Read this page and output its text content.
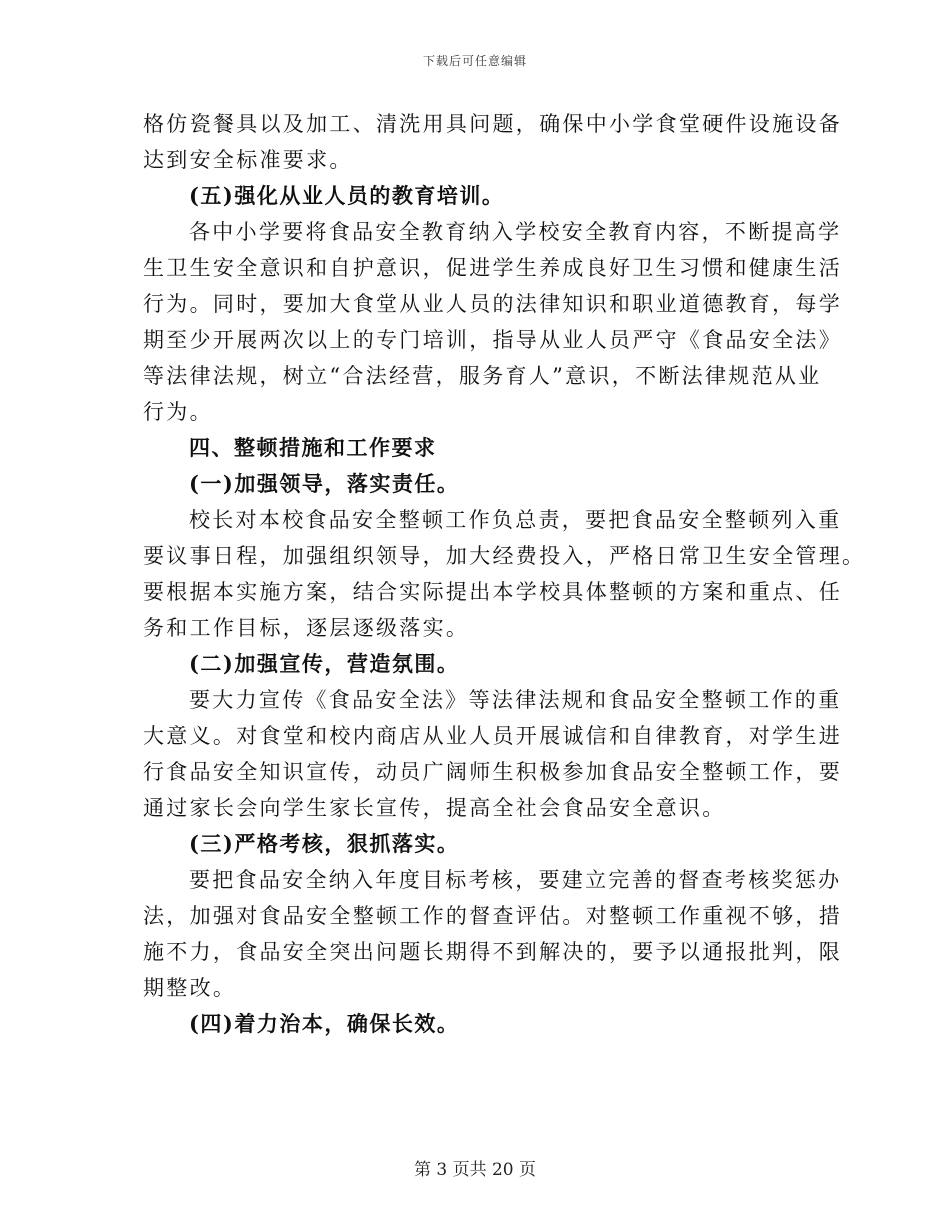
下载后可任意编辑
格仿瓷餐具以及加工、清洗用具问题，确保中小学食堂硬件设施设备
达到安全标准要求。
(五)强化从业人员的教育培训。
各中小学要将食品安全教育纳入学校安全教育内容，不断提高学
生卫生安全意识和自护意识，促进学生养成良好卫生习惯和健康生活
行为。同时，要加大食堂从业人员的法律知识和职业道德教育，每学
期至少开展两次以上的专门培训，指导从业人员严守《食品安全法》
等法律法规，树立“合法经营，服务育人”意识，不断法律规范从业
行为。
四、整顿措施和工作要求
(一)加强领导，落实责任。
校长对本校食品安全整顿工作负总责，要把食品安全整顿列入重
要议事日程，加强组织领导，加大经费投入，严格日常卫生安全管理。
要根据本实施方案，结合实际提出本学校具体整顿的方案和重点、任
务和工作目标，逐层逐级落实。
(二)加强宣传，营造氛围。
要大力宣传《食品安全法》等法律法规和食品安全整顿工作的重
大意义。对食堂和校内商店从业人员开展诚信和自律教育，对学生进
行食品安全知识宣传，动员广阔师生积极参加食品安全整顿工作，要
通过家长会向学生家长宣传，提高全社会食品安全意识。
(三)严格考核，狠抓落实。
要把食品安全纳入年度目标考核，要建立完善的督查考核奖惩办
法，加强对食品安全整顿工作的督查评估。对整顿工作重视不够，措
施不力，食品安全突出问题长期得不到解决的，要予以通报批判，限
期整改。
(四)着力治本，确保长效。
第 3 页共 20 页
